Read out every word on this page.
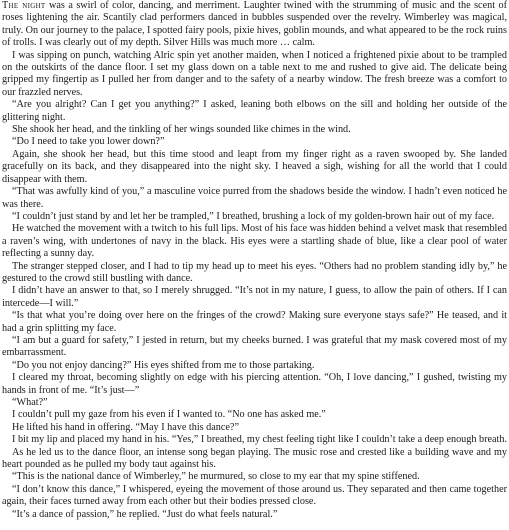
The night was a swirl of color, dancing, and merriment. Laughter twined with the strumming of music and the scent of roses lightening the air. Scantily clad performers danced in bubbles suspended over the revelry. Wimberley was magical, truly. On our journey to the palace, I spotted fairy pools, pixie hives, goblin mounds, and what appeared to be the rock ruins of trolls. I was clearly out of my depth. Silver Hills was much more … calm.

I was sipping on punch, watching Alric spin yet another maiden, when I noticed a frightened pixie about to be trampled on the outskirts of the dance floor. I set my glass down on a table next to me and rushed to give aid. The delicate being gripped my fingertip as I pulled her from danger and to the safety of a nearby window. The fresh breeze was a comfort to our frazzled nerves.

“Are you alright? Can I get you anything?” I asked, leaning both elbows on the sill and holding her outside of the glittering night.

She shook her head, and the tinkling of her wings sounded like chimes in the wind.

“Do I need to take you lower down?”

Again, she shook her head, but this time stood and leapt from my finger right as a raven swooped by. She landed gracefully on its back, and they disappeared into the night sky. I heaved a sigh, wishing for all the world that I could disappear with them.

“That was awfully kind of you,” a masculine voice purred from the shadows beside the window. I hadn’t even noticed he was there.

“I couldn’t just stand by and let her be trampled,” I breathed, brushing a lock of my golden-brown hair out of my face.

He watched the movement with a twitch to his full lips. Most of his face was hidden behind a velvet mask that resembled a raven’s wing, with undertones of navy in the black. His eyes were a startling shade of blue, like a clear pool of water reflecting a sunny day.

The stranger stepped closer, and I had to tip my head up to meet his eyes. “Others had no problem standing idly by,” he gestured to the crowd still bustling with dance.

I didn’t have an answer to that, so I merely shrugged. “It’s not in my nature, I guess, to allow the pain of others. If I can intercede—I will.”

“Is that what you’re doing over here on the fringes of the crowd? Making sure everyone stays safe?” He teased, and it had a grin splitting my face.

“I am but a guard for safety,” I jested in return, but my cheeks burned. I was grateful that my mask covered most of my embarrassment.

“Do you not enjoy dancing?” His eyes shifted from me to those partaking.

I cleared my throat, becoming slightly on edge with his piercing attention. “Oh, I love dancing,” I gushed, twisting my hands in front of me. “It’s just—”

“What?”

I couldn’t pull my gaze from his even if I wanted to. “No one has asked me.”

He lifted his hand in offering. “May I have this dance?”

I bit my lip and placed my hand in his. “Yes,” I breathed, my chest feeling tight like I couldn’t take a deep enough breath.

As he led us to the dance floor, an intense song began playing. The music rose and crested like a building wave and my heart pounded as he pulled my body taut against his.

“This is the national dance of Wimberley,” he murmured, so close to my ear that my spine stiffened.

“I don’t know this dance,” I whispered, eyeing the movement of those around us. They separated and then came together again, their faces turned away from each other but their bodies pressed close.

“It’s a dance of passion,” he replied. “Just do what feels natural.”
